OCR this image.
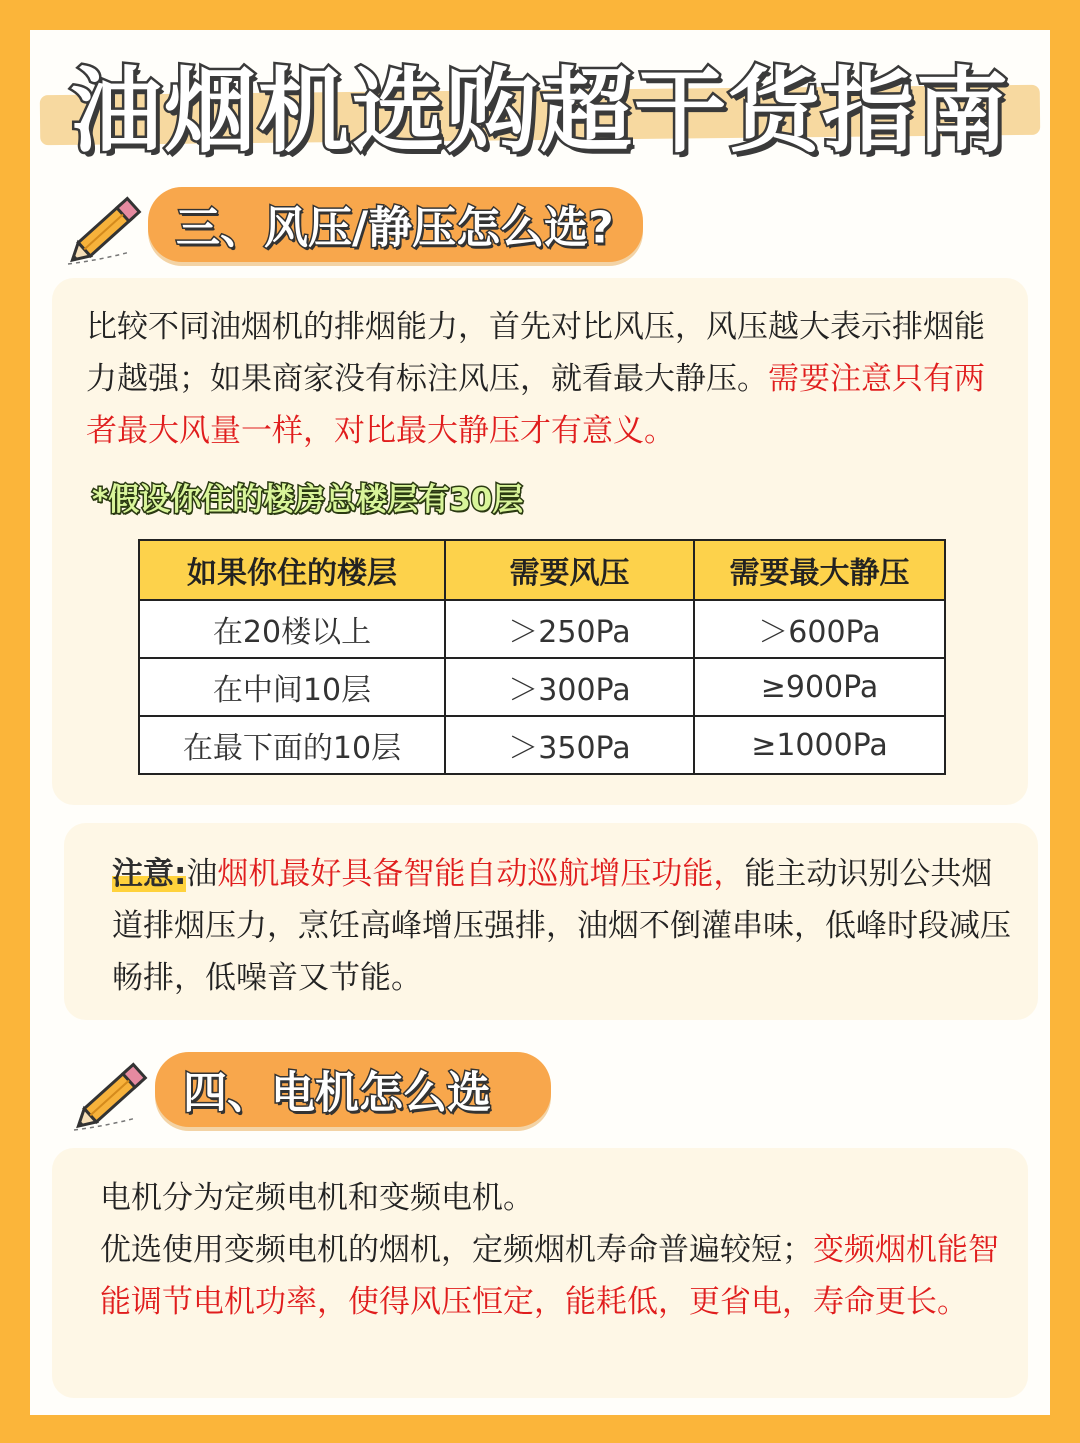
油烟机选购超干货指南
三、风压/静压怎么选?

比较不同油烟机的排烟能力，首先对比风压，风压越大表示排烟能力越强；如果商家没有标注风压，就看最大静压。需要注意只有两者最大风量一样，对比最大静压才有意义。

*假设你住的楼房总楼层有30层
如果你住的楼层	需要风压	需要最大静压
在20楼以上	＞250Pa	＞600Pa
在中间10层	＞300Pa	≥900Pa
在最下面的10层	＞350Pa	≥1000Pa

注意:油烟机最好具备智能自动巡航增压功能，能主动识别公共烟道排烟压力，烹饪高峰增压强排，油烟不倒灌串味，低峰时段减压畅排，低噪音又节能。

四、电机怎么选

电机分为定频电机和变频电机。

优选使用变频电机的烟机，定频烟机寿命普遍较短；变频烟机能智能调节电机功率，使得风压恒定，能耗低，更省电，寿命更长。
